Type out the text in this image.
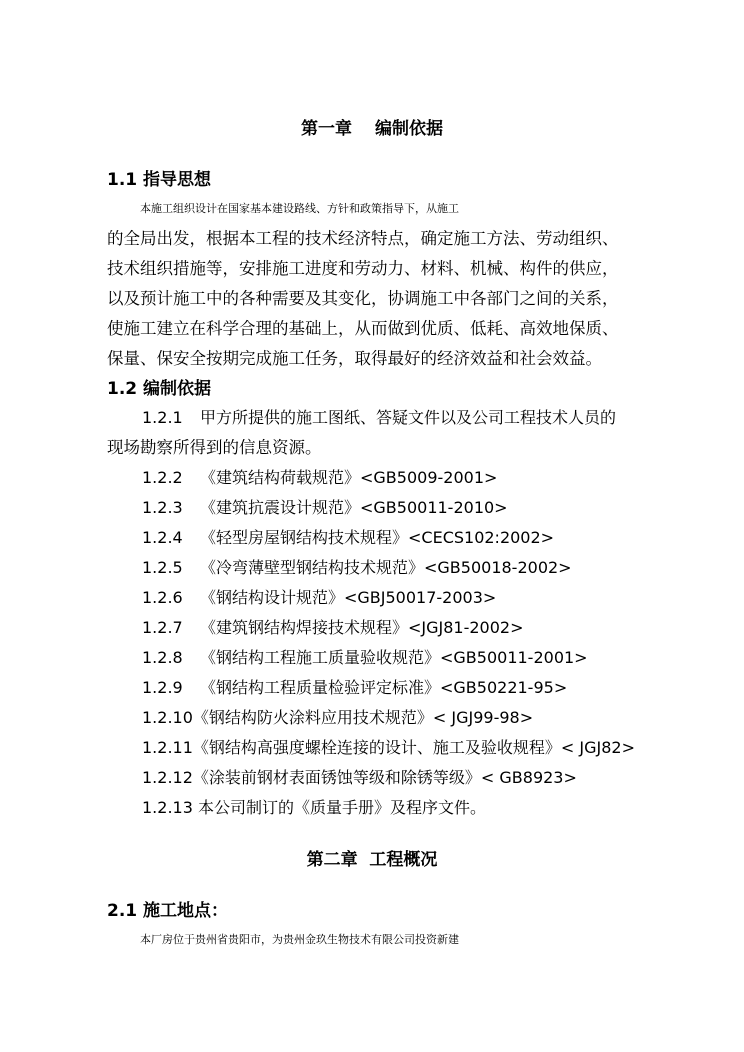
第一章　 编制依据
1.1 指导思想
本施工组织设计在国家基本建设路线、方针和政策指导下，从施工
的全局出发，根据本工程的技术经济特点，确定施工方法、劳动组织、
技术组织措施等，安排施工进度和劳动力、材料、机械、构件的供应，
以及预计施工中的各种需要及其变化，协调施工中各部门之间的关系，
使施工建立在科学合理的基础上，从而做到优质、低耗、高效地保质、
保量、保安全按期完成施工任务，取得最好的经济效益和社会效益。
1.2 编制依据
1.2.1 甲方所提供的施工图纸、答疑文件以及公司工程技术人员的
现场勘察所得到的信息资源。
1.2.2 《建筑结构荷载规范》<GB5009-2001>
1.2.3 《建筑抗震设计规范》<GB50011-2010>
1.2.4 《轻型房屋钢结构技术规程》<CECS102:2002>
1.2.5 《冷弯薄壁型钢结构技术规范》<GB50018-2002>
1.2.6 《钢结构设计规范》<GBJ50017-2003>
1.2.7 《建筑钢结构焊接技术规程》<JGJ81-2002>
1.2.8 《钢结构工程施工质量验收规范》<GB50011-2001>
1.2.9 《钢结构工程质量检验评定标准》<GB50221-95>
1.2.10《钢结构防火涂料应用技术规范》< JGJ99-98>
1.2.11《钢结构高强度螺栓连接的设计、施工及验收规程》< JGJ82>
1.2.12《涂装前钢材表面锈蚀等级和除锈等级》< GB8923>
1.2.13 本公司制订的《质量手册》及程序文件。
第二章  工程概况
2.1 施工地点：
本厂房位于贵州省贵阳市，为贵州金玖生物技术有限公司投资新建
